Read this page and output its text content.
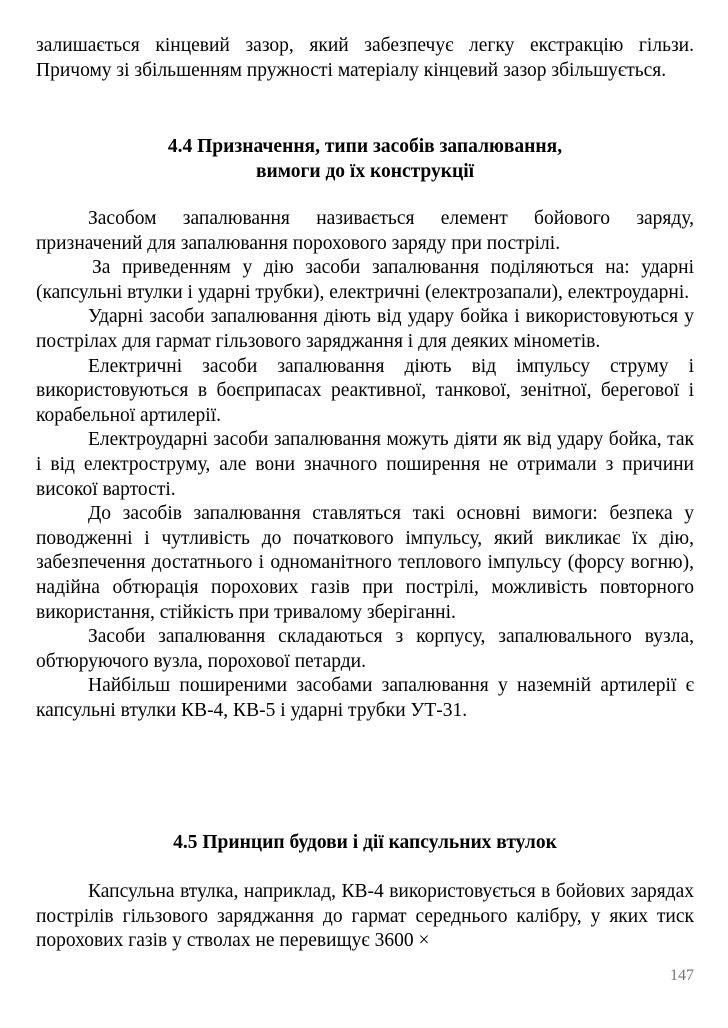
залишається кінцевий зазор, який забезпечує легку екстракцію гільзи. Причому зі збільшенням пружності матеріалу кінцевий зазор збільшується.

4.4 Призначення, типи засобів запалювання,
вимоги до їх конструкції

Засобом запалювання називається елемент бойового заряду, призначений для запалювання порохового заряду при пострілі.

За приведенням у дію засоби запалювання поділяються на: ударні (капсульні втулки і ударні трубки), електричні (електрозапали), електроударні.

Ударні засоби запалювання діють від удару бойка і використовуються у пострілах для гармат гільзового заряджання і для деяких мінометів.

Електричні засоби запалювання діють від імпульсу струму і використовуються в боєприпасах реактивної, танкової, зенітної, берегової і корабельної артилерії.

Електроударні засоби запалювання можуть діяти як від удару бойка, так і від електроструму, але вони значного поширення не отримали з причини високої вартості.

До засобів запалювання ставляться такі основні вимоги: безпека у поводженні і чутливість до початкового імпульсу, який викликає їх дію, забезпечення достатнього і одноманітного теплового імпульсу (форсу вогню), надійна обтюрація порохових газів при пострілі, можливість повторного використання, стійкість при тривалому зберіганні.

Засоби запалювання складаються з корпусу, запалювального вузла, обтюруючого вузла, порохової петарди.

Найбільш поширеними засобами запалювання у наземній артилерії є капсульні втулки КВ-4, КВ-5 і ударні трубки УТ-31.

4.5 Принцип будови і дії капсульних втулок

Капсульна втулка, наприклад, КВ-4 використовується в бойових зарядах пострілів гільзового заряджання до гармат середнього калібру, у яких тиск порохових газів у стволах не перевищує 3600 ×

147
